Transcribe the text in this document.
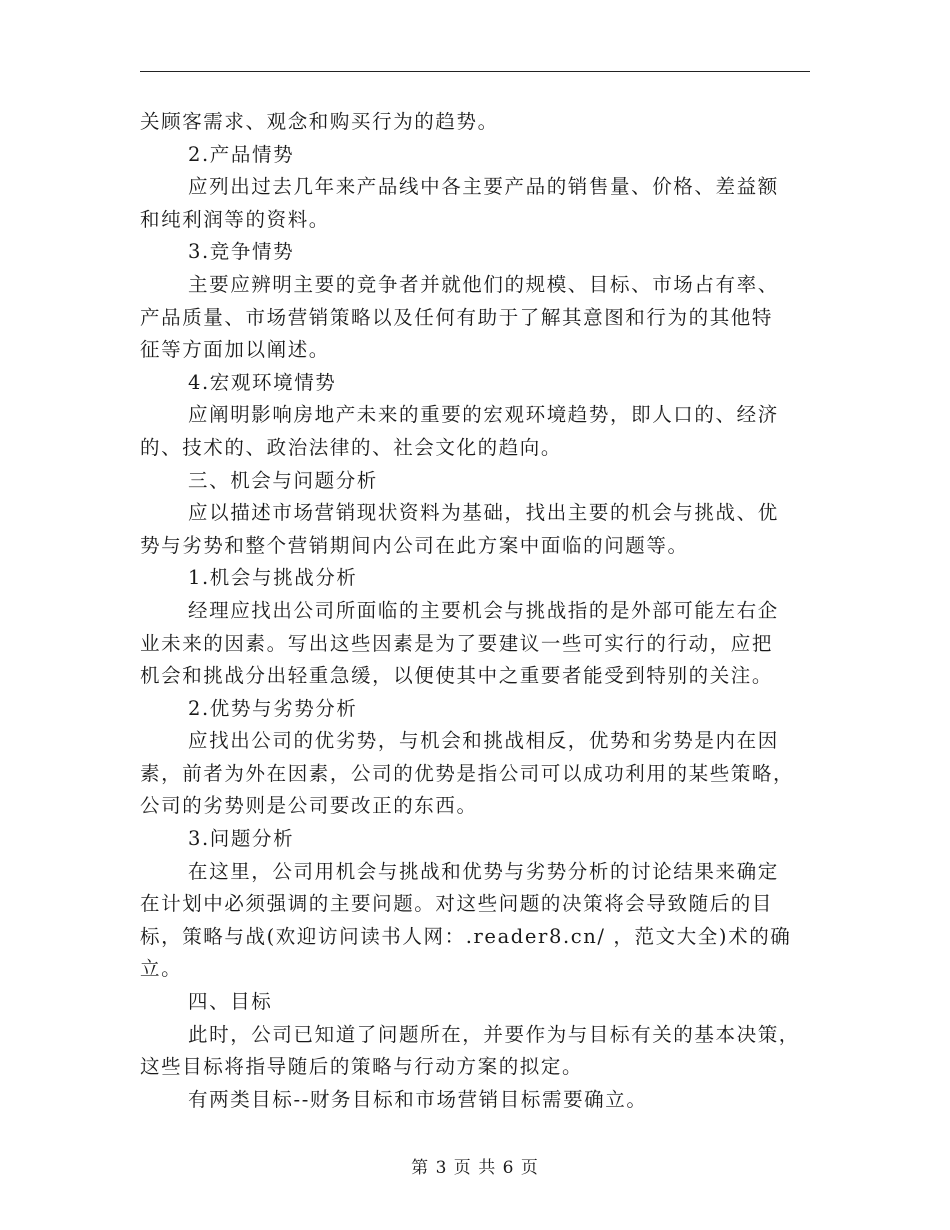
关顾客需求、观念和购买行为的趋势。
2.产品情势
应列出过去几年来产品线中各主要产品的销售量、价格、差益额
和纯利润等的资料。
3.竞争情势
主要应辨明主要的竞争者并就他们的规模、目标、市场占有率、
产品质量、市场营销策略以及任何有助于了解其意图和行为的其他特
征等方面加以阐述。
4.宏观环境情势
应阐明影响房地产未来的重要的宏观环境趋势，即人口的、经济
的、技术的、政治法律的、社会文化的趋向。
三、机会与问题分析
应以描述市场营销现状资料为基础，找出主要的机会与挑战、优
势与劣势和整个营销期间内公司在此方案中面临的问题等。
1.机会与挑战分析
经理应找出公司所面临的主要机会与挑战指的是外部可能左右企
业未来的因素。写出这些因素是为了要建议一些可实行的行动，应把
机会和挑战分出轻重急缓，以便使其中之重要者能受到特别的关注。
2.优势与劣势分析
应找出公司的优劣势，与机会和挑战相反，优势和劣势是内在因
素，前者为外在因素，公司的优势是指公司可以成功利用的某些策略，
公司的劣势则是公司要改正的东西。
3.问题分析
在这里，公司用机会与挑战和优势与劣势分析的讨论结果来确定
在计划中必须强调的主要问题。对这些问题的决策将会导致随后的目
标，策略与战(欢迎访问读书人网：.reader8.cn/ ，范文大全)术的确
立。
四、目标
此时，公司已知道了问题所在，并要作为与目标有关的基本决策，
这些目标将指导随后的策略与行动方案的拟定。
有两类目标--财务目标和市场营销目标需要确立。
第 3 页 共 6 页
